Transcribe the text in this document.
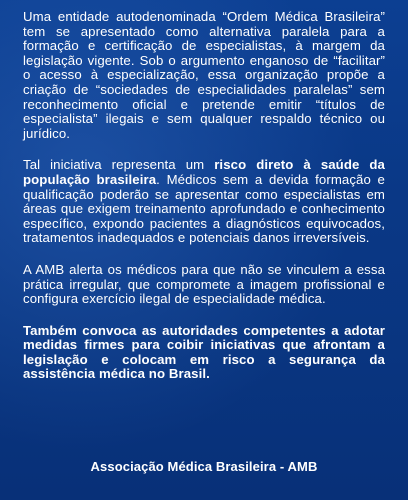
Uma entidade autodenominada “Ordem Médica Brasileira” tem se apresentado como alternativa paralela para a formação e certificação de especialistas, à margem da legislação vigente. Sob o argumento enganoso de “facilitar” o acesso à especialização, essa organização propõe a criação de “sociedades de especialidades paralelas” sem reconhecimento oficial e pretende emitir “títulos de especialista” ilegais e sem qualquer respaldo técnico ou jurídico.

Tal iniciativa representa um risco direto à saúde da população brasileira. Médicos sem a devida formação e qualificação poderão se apresentar como especialistas em áreas que exigem treinamento aprofundado e conhecimento específico, expondo pacientes a diagnósticos equivocados, tratamentos inadequados e potenciais danos irreversíveis.

A AMB alerta os médicos para que não se vinculem a essa prática irregular, que compromete a imagem profissional e configura exercício ilegal de especialidade médica.

Também convoca as autoridades competentes a adotar medidas firmes para coibir iniciativas que afrontam a legislação e colocam em risco a segurança da assistência médica no Brasil.

Associação Médica Brasileira - AMB
